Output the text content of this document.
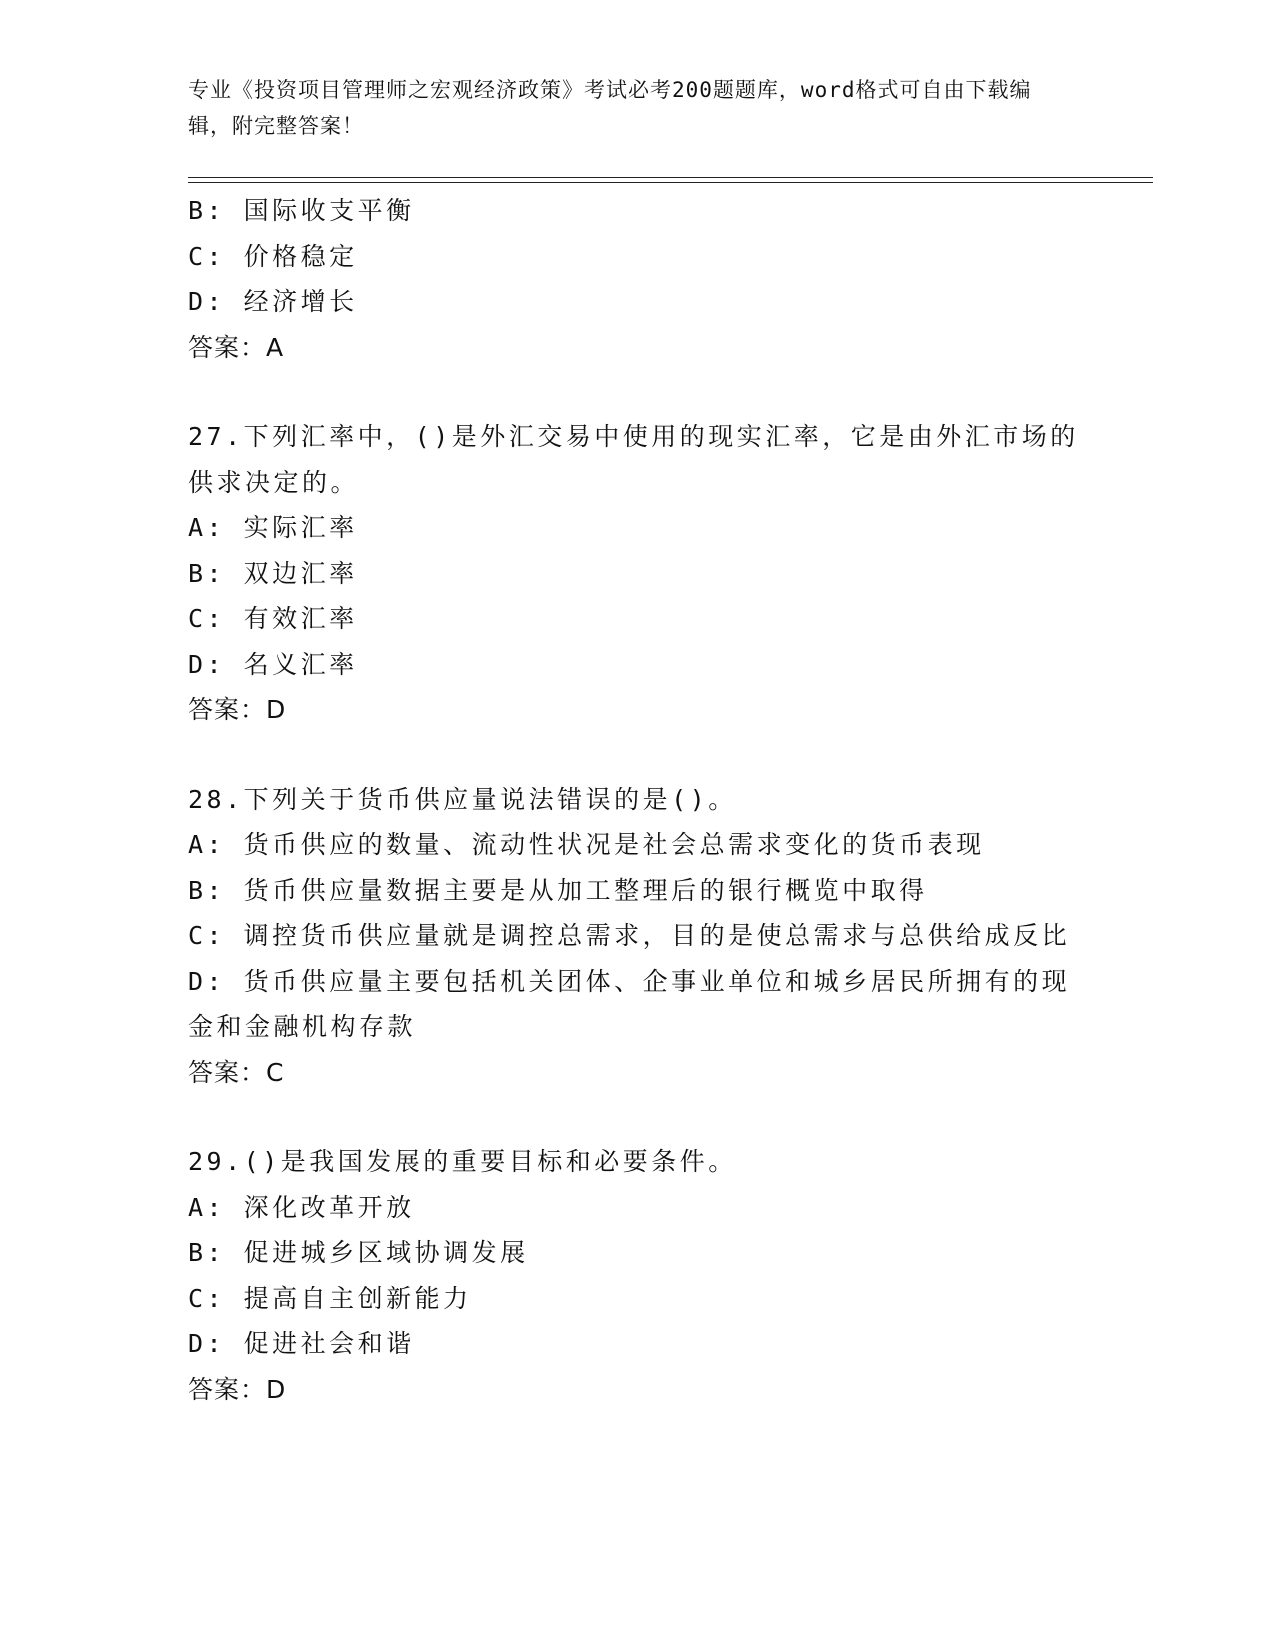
专业《投资项目管理师之宏观经济政策》考试必考200题题库，word格式可自由下载编辑，附完整答案！
B: 国际收支平衡
C: 价格稳定
D: 经济增长
答案：A
27.下列汇率中，()是外汇交易中使用的现实汇率，它是由外汇市场的
供求决定的。
A: 实际汇率
B: 双边汇率
C: 有效汇率
D: 名义汇率
答案：D
28.下列关于货币供应量说法错误的是()。
A: 货币供应的数量、流动性状况是社会总需求变化的货币表现
B: 货币供应量数据主要是从加工整理后的银行概览中取得
C: 调控货币供应量就是调控总需求，目的是使总需求与总供给成反比
D: 货币供应量主要包括机关团体、企事业单位和城乡居民所拥有的现
金和金融机构存款
答案：C
29.()是我国发展的重要目标和必要条件。
A: 深化改革开放
B: 促进城乡区域协调发展
C: 提高自主创新能力
D: 促进社会和谐
答案：D
